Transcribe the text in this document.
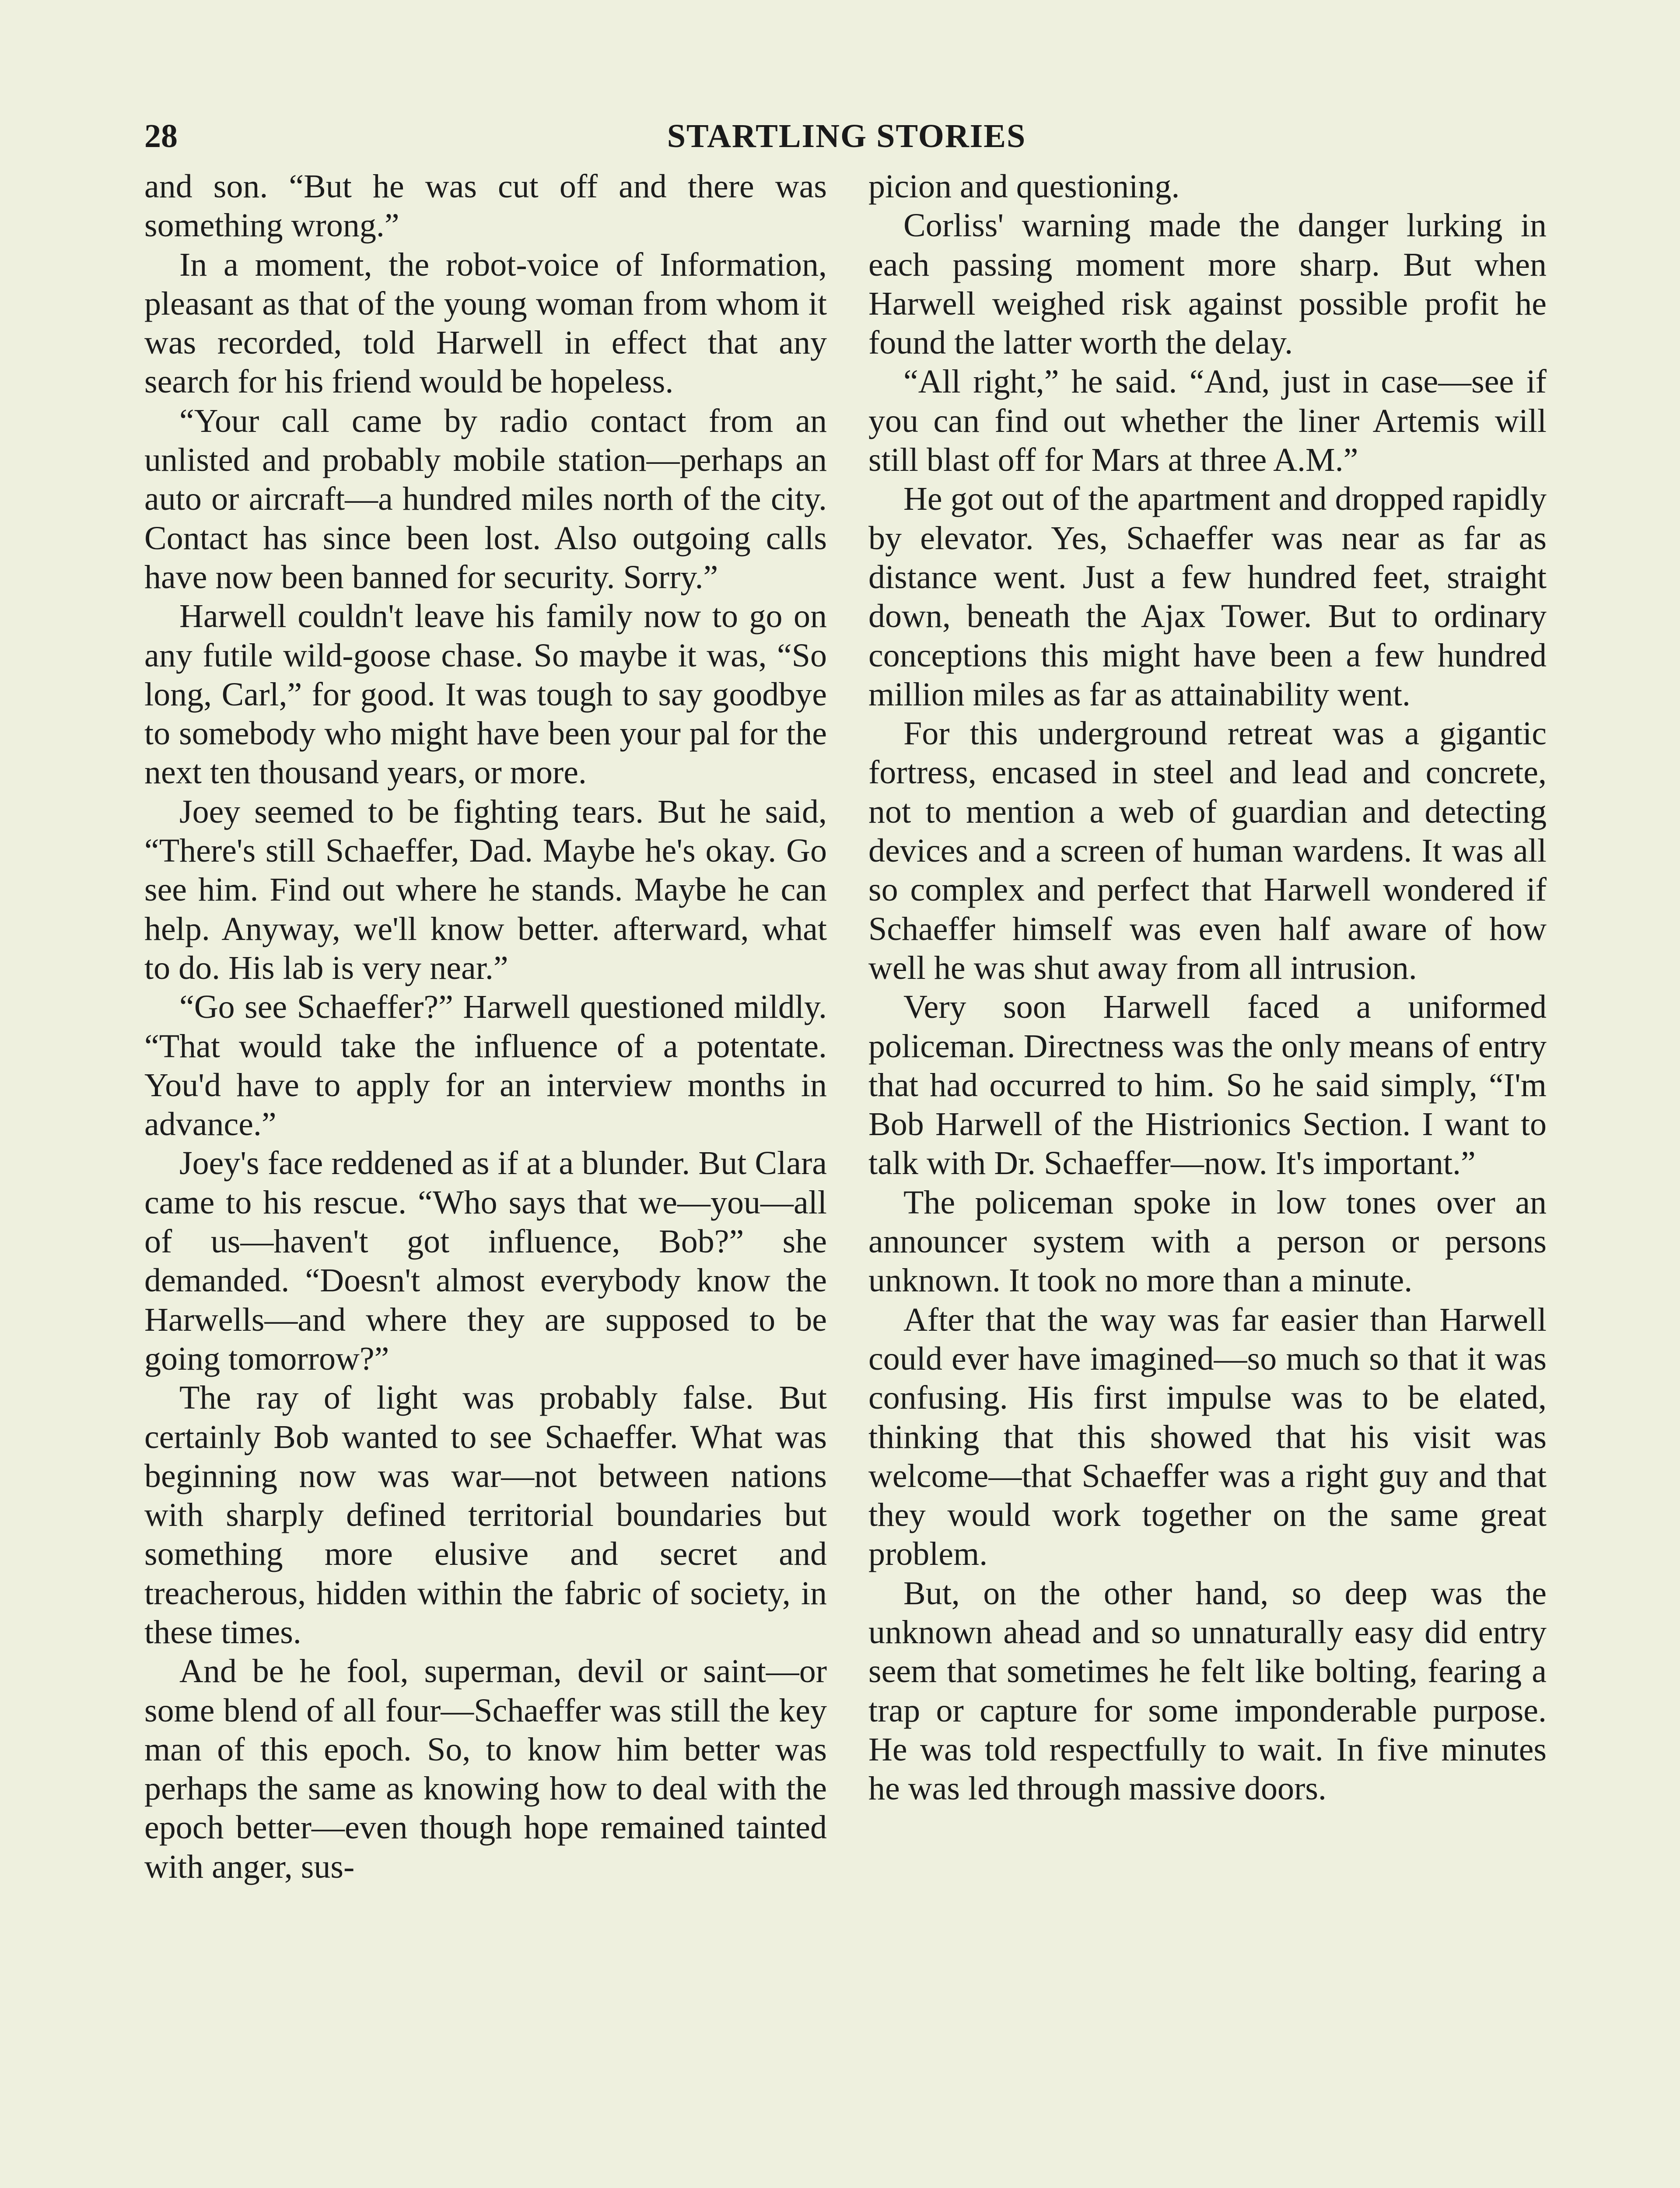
28	STARTLING STORIES

and son. “But he was cut off and there was something wrong.”

In a moment, the robot-voice of Information, pleasant as that of the young woman from whom it was recorded, told Harwell in effect that any search for his friend would be hopeless.

“Your call came by radio contact from an unlisted and probably mobile station—perhaps an auto or aircraft—a hundred miles north of the city. Contact has since been lost. Also outgoing calls have now been banned for security. Sorry.”

Harwell couldn't leave his family now to go on any futile wild-goose chase. So maybe it was, “So long, Carl,” for good. It was tough to say goodbye to somebody who might have been your pal for the next ten thousand years, or more.

Joey seemed to be fighting tears. But he said, “There's still Schaeffer, Dad. Maybe he's okay. Go see him. Find out where he stands. Maybe he can help. Anyway, we'll know better. afterward, what to do. His lab is very near.”

“Go see Schaeffer?” Harwell questioned mildly. “That would take the influence of a potentate. You'd have to apply for an interview months in advance.”

Joey's face reddened as if at a blunder. But Clara came to his rescue. “Who says that we—you—all of us—haven't got influence, Bob?” she demanded. “Doesn't almost everybody know the Harwells—and where they are supposed to be going tomorrow?”

The ray of light was probably false. But certainly Bob wanted to see Schaeffer. What was beginning now was war—not between nations with sharply defined territorial boundaries but something more elusive and secret and treacherous, hidden within the fabric of society, in these times.

And be he fool, superman, devil or saint—or some blend of all four—Schaeffer was still the key man of this epoch. So, to know him better was perhaps the same as knowing how to deal with the epoch better—even though hope remained tainted with anger, sus-

picion and questioning.

Corliss' warning made the danger lurking in each passing moment more sharp. But when Harwell weighed risk against possible profit he found the latter worth the delay.

“All right,” he said. “And, just in case—see if you can find out whether the liner Artemis will still blast off for Mars at three A.M.”

He got out of the apartment and dropped rapidly by elevator. Yes, Schaeffer was near as far as distance went. Just a few hundred feet, straight down, beneath the Ajax Tower. But to ordinary conceptions this might have been a few hundred million miles as far as attainability went.

For this underground retreat was a gigantic fortress, encased in steel and lead and concrete, not to mention a web of guardian and detecting devices and a screen of human wardens. It was all so complex and perfect that Harwell wondered if Schaeffer himself was even half aware of how well he was shut away from all intrusion.

Very soon Harwell faced a uniformed policeman. Directness was the only means of entry that had occurred to him. So he said simply, “I'm Bob Harwell of the Histrionics Section. I want to talk with Dr. Schaeffer—now. It's important.”

The policeman spoke in low tones over an announcer system with a person or persons unknown. It took no more than a minute.

After that the way was far easier than Harwell could ever have imagined—so much so that it was confusing. His first impulse was to be elated, thinking that this showed that his visit was welcome—that Schaeffer was a right guy and that they would work together on the same great problem.

But, on the other hand, so deep was the unknown ahead and so unnaturally easy did entry seem that sometimes he felt like bolting, fearing a trap or capture for some imponderable purpose. He was told respectfully to wait. In five minutes he was led through massive doors.
